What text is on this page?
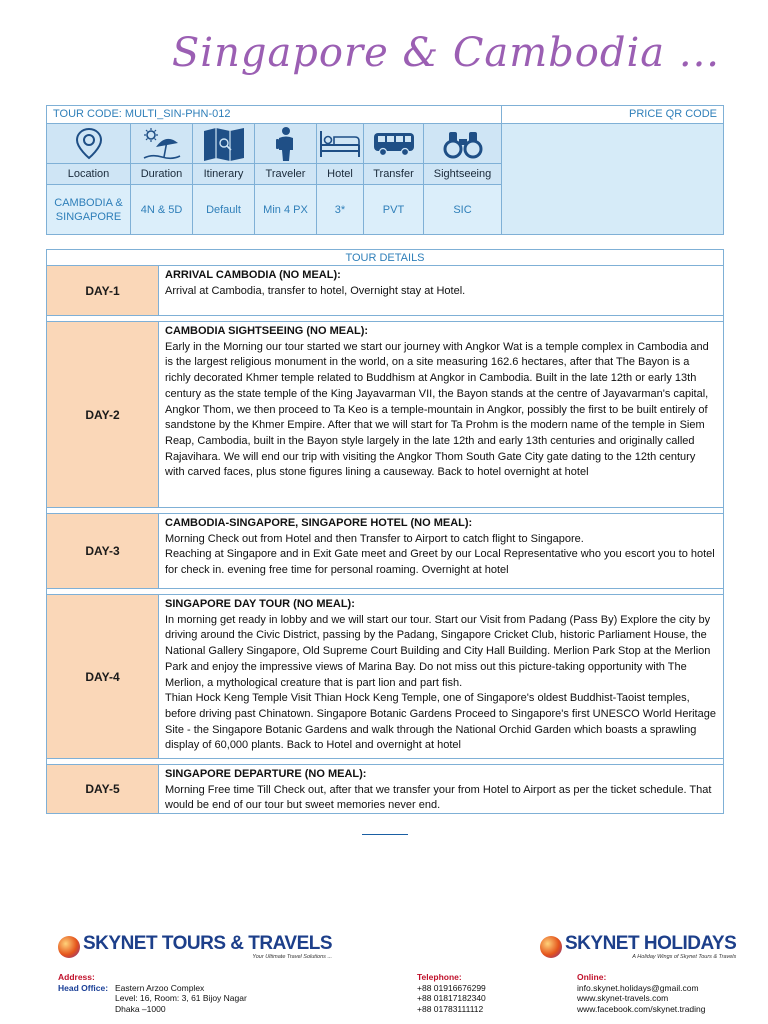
Singapore & Cambodia ...
TOUR CODE: MULTI_SIN-PHN-012	PRICE QR CODE
Location
CAMBODIA & SINGAPORE
Duration
4N & 5D
Itinerary
Default
Traveler
Min 4 PX
Hotel
3*
Transfer
PVT
Sightseeing
SIC
TOUR DETAILS
DAY-1
ARRIVAL CAMBODIA (NO MEAL):
Arrival at Cambodia, transfer to hotel, Overnight stay at Hotel.
DAY-2
CAMBODIA SIGHTSEEING (NO MEAL):
Early in the Morning our tour started we start our journey with Angkor Wat is a temple complex in Cambodia and is the largest religious monument in the world, on a site measuring 162.6 hectares, after that The Bayon is a richly decorated Khmer temple related to Buddhism at Angkor in Cambodia. Built in the late 12th or early 13th century as the state temple of the King Jayavarman VII, the Bayon stands at the centre of Jayavarman's capital, Angkor Thom, we then proceed to Ta Keo is a temple-mountain in Angkor, possibly the first to be built entirely of sandstone by the Khmer Empire. After that we will start for Ta Prohm is the modern name of the temple in Siem Reap, Cambodia, built in the Bayon style largely in the late 12th and early 13th centuries and originally called Rajavihara. We will end our trip with visiting the Angkor Thom South Gate City gate dating to the 12th century with carved faces, plus stone figures lining a causeway. Back to hotel overnight at hotel
DAY-3
CAMBODIA-SINGAPORE, SINGAPORE HOTEL (NO MEAL):
Morning Check out from Hotel and then Transfer to Airport to catch flight to Singapore.
Reaching at Singapore and in Exit Gate meet and Greet by our Local Representative who you escort you to hotel for check in. evening free time for personal roaming. Overnight at hotel
DAY-4
SINGAPORE DAY TOUR (NO MEAL):
In morning get ready in lobby and we will start our tour. Start our Visit from Padang (Pass By) Explore the city by driving around the Civic District, passing by the Padang, Singapore Cricket Club, historic Parliament House, the National Gallery Singapore, Old Supreme Court Building and City Hall Building. Merlion Park Stop at the Merlion Park and enjoy the impressive views of Marina Bay. Do not miss out this picture-taking opportunity with The Merlion, a mythological creature that is part lion and part fish.
Thian Hock Keng Temple Visit Thian Hock Keng Temple, one of Singapore's oldest Buddhist-Taoist temples, before driving past Chinatown. Singapore Botanic Gardens Proceed to Singapore's first UNESCO World Heritage Site - the Singapore Botanic Gardens and walk through the National Orchid Garden which boasts a sprawling display of 60,000 plants. Back to Hotel and overnight at hotel
DAY-5
SINGAPORE DEPARTURE (NO MEAL):
Morning Free time Till Check out, after that we transfer your from Hotel to Airport as per the ticket schedule. That would be end of our tour but sweet memories never end.
SKYNET TOURS & TRAVELS
Your Ultimate Travel Solutions ...
SKYNET HOLIDAYS
A Holiday Wings of Skynet Tours & Travels
Address:
Head Office: Eastern Arzoo Complex
Level: 16, Room: 3, 61 Bijoy Nagar
Dhaka –1000
Telephone:
+88 01916676299
+88 01817182340
+88 01783111112
Online:
info.skynet.holidays@gmail.com
www.skynet-travels.com
www.facebook.com/skynet.trading
